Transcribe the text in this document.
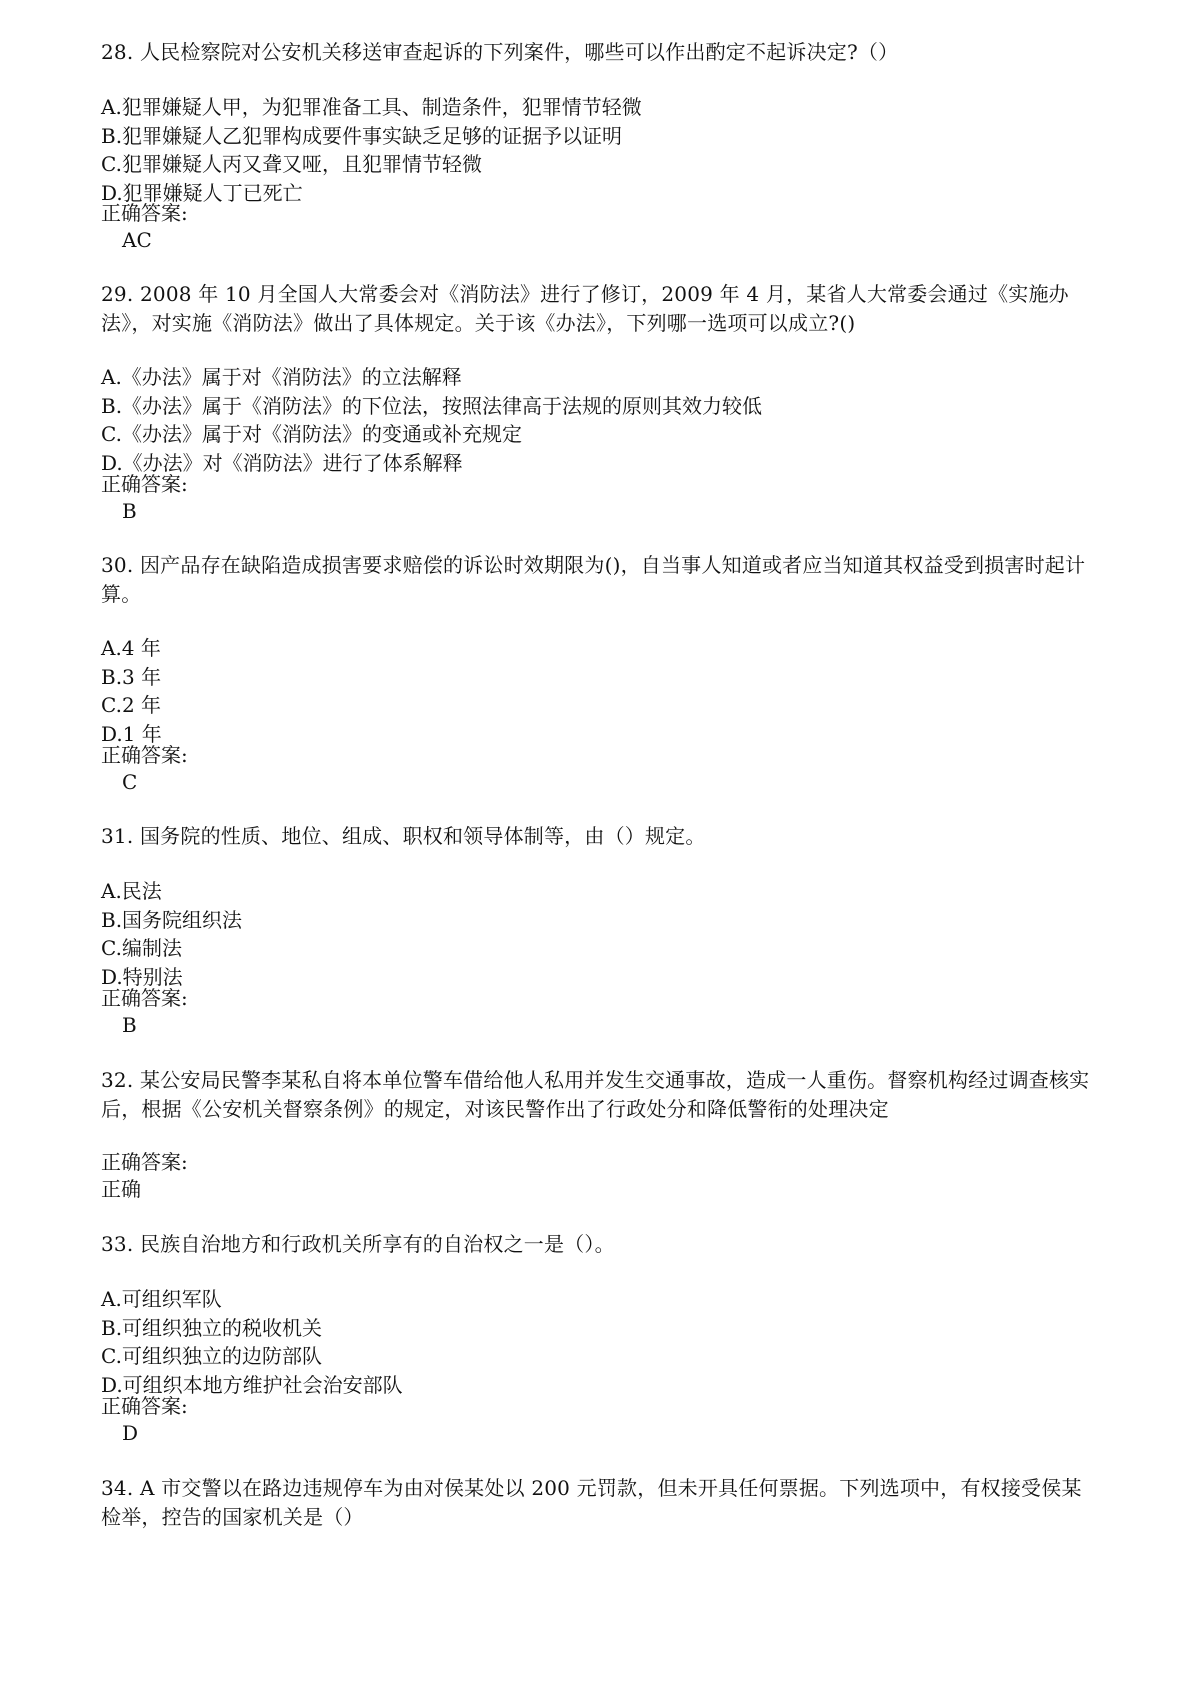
28. 人民检察院对公安机关移送审查起诉的下列案件，哪些可以作出酌定不起诉决定?（）
A.犯罪嫌疑人甲，为犯罪准备工具、制造条件，犯罪情节轻微
B.犯罪嫌疑人乙犯罪构成要件事实缺乏足够的证据予以证明
C.犯罪嫌疑人丙又聋又哑，且犯罪情节轻微
D.犯罪嫌疑人丁已死亡
正确答案:
AC
29. 2008 年 10 月全国人大常委会对《消防法》进行了修订，2009 年 4 月，某省人大常委会通过《实施办法》，对实施《消防法》做出了具体规定。关于该《办法》，下列哪一选项可以成立?()
A.《办法》属于对《消防法》的立法解释
B.《办法》属于《消防法》的下位法，按照法律高于法规的原则其效力较低
C.《办法》属于对《消防法》的变通或补充规定
D.《办法》对《消防法》进行了体系解释
正确答案:
B
30. 因产品存在缺陷造成损害要求赔偿的诉讼时效期限为()，自当事人知道或者应当知道其权益受到损害时起计算。
A.4 年
B.3 年
C.2 年
D.1 年
正确答案:
C
31. 国务院的性质、地位、组成、职权和领导体制等，由（）规定。
A.民法
B.国务院组织法
C.编制法
D.特别法
正确答案:
B
32. 某公安局民警李某私自将本单位警车借给他人私用并发生交通事故，造成一人重伤。督察机构经过调查核实后，根据《公安机关督察条例》的规定，对该民警作出了行政处分和降低警衔的处理决定
正确答案:
正确
33. 民族自治地方和行政机关所享有的自治权之一是（）。
A.可组织军队
B.可组织独立的税收机关
C.可组织独立的边防部队
D.可组织本地方维护社会治安部队
正确答案:
D
34. A 市交警以在路边违规停车为由对侯某处以 200 元罚款，但未开具任何票据。下列选项中，有权接受侯某检举，控告的国家机关是（）
